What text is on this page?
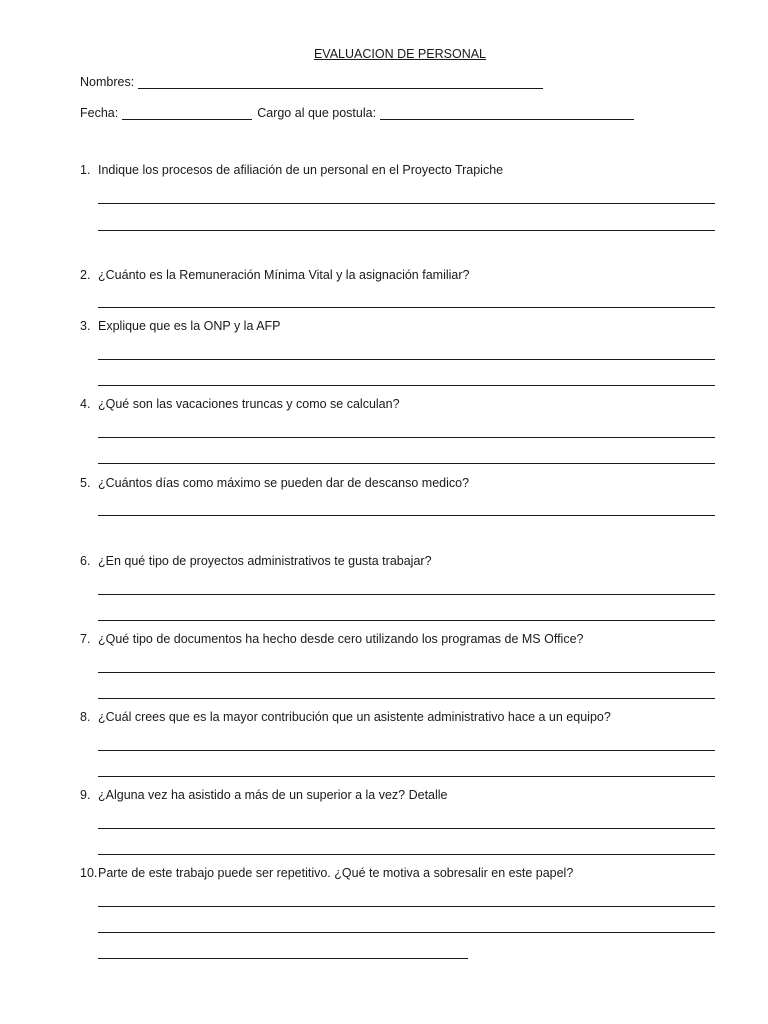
EVALUACION DE PERSONAL
Nombres:
Fecha:	Cargo al que postula:
1. Indique los procesos de afiliación de un personal en el Proyecto Trapiche
2. ¿Cuánto es la Remuneración Mínima Vital y la asignación familiar?
3. Explique que es la ONP y la AFP
4. ¿Qué son las vacaciones truncas y como se calculan?
5. ¿Cuántos días como máximo se pueden dar de descanso medico?
6. ¿En qué tipo de proyectos administrativos te gusta trabajar?
7. ¿Qué tipo de documentos ha hecho desde cero utilizando los programas de MS Office?
8. ¿Cuál crees que es la mayor contribución que un asistente administrativo hace a un equipo?
9. ¿Alguna vez ha asistido a más de un superior a la vez? Detalle
10. Parte de este trabajo puede ser repetitivo. ¿Qué te motiva a sobresalir en este papel?
